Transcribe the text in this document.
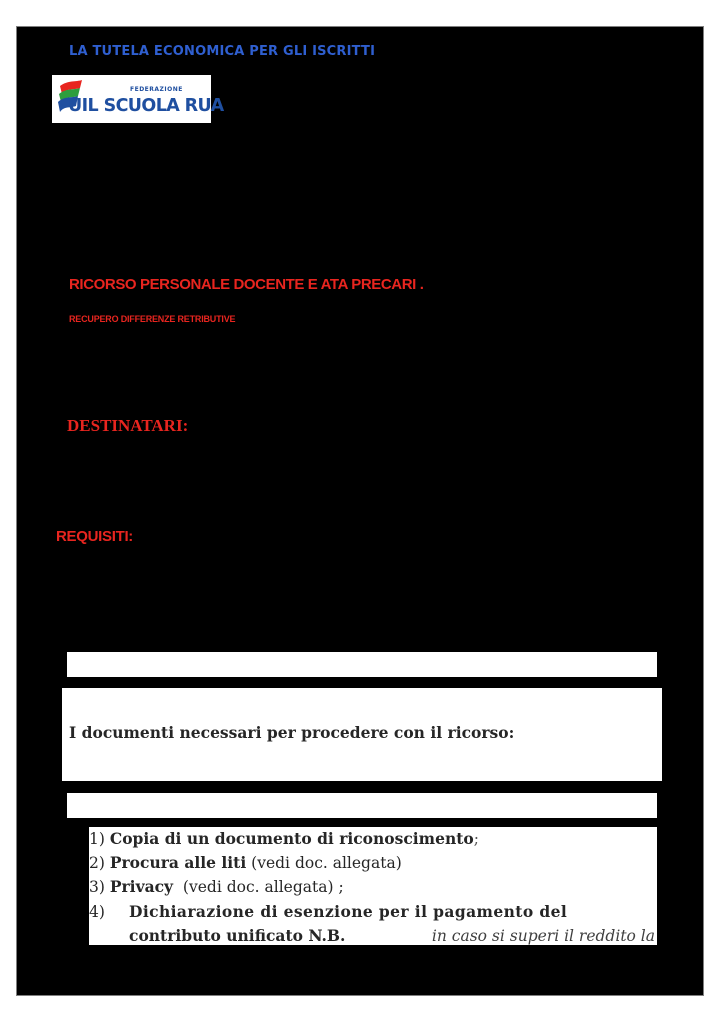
LA TUTELA ECONOMICA PER GLI ISCRITTI
FEDERAZIONE
UIL SCUOLA RUA
RICORSO PERSONALE DOCENTE E ATA PRECARI .
RECUPERO DIFFERENZE RETRIBUTIVE
DESTINATARI:
REQUISITI:
I documenti necessari per procedere con il ricorso:
1) Copia di un documento di riconoscimento;
2) Procura alle liti (vedi doc. allegata)
3) Privacy  (vedi doc. allegata) ;
4) Dichiarazione di esenzione per il pagamento del
contributo unificato N.B.	in caso si superi il reddito la
